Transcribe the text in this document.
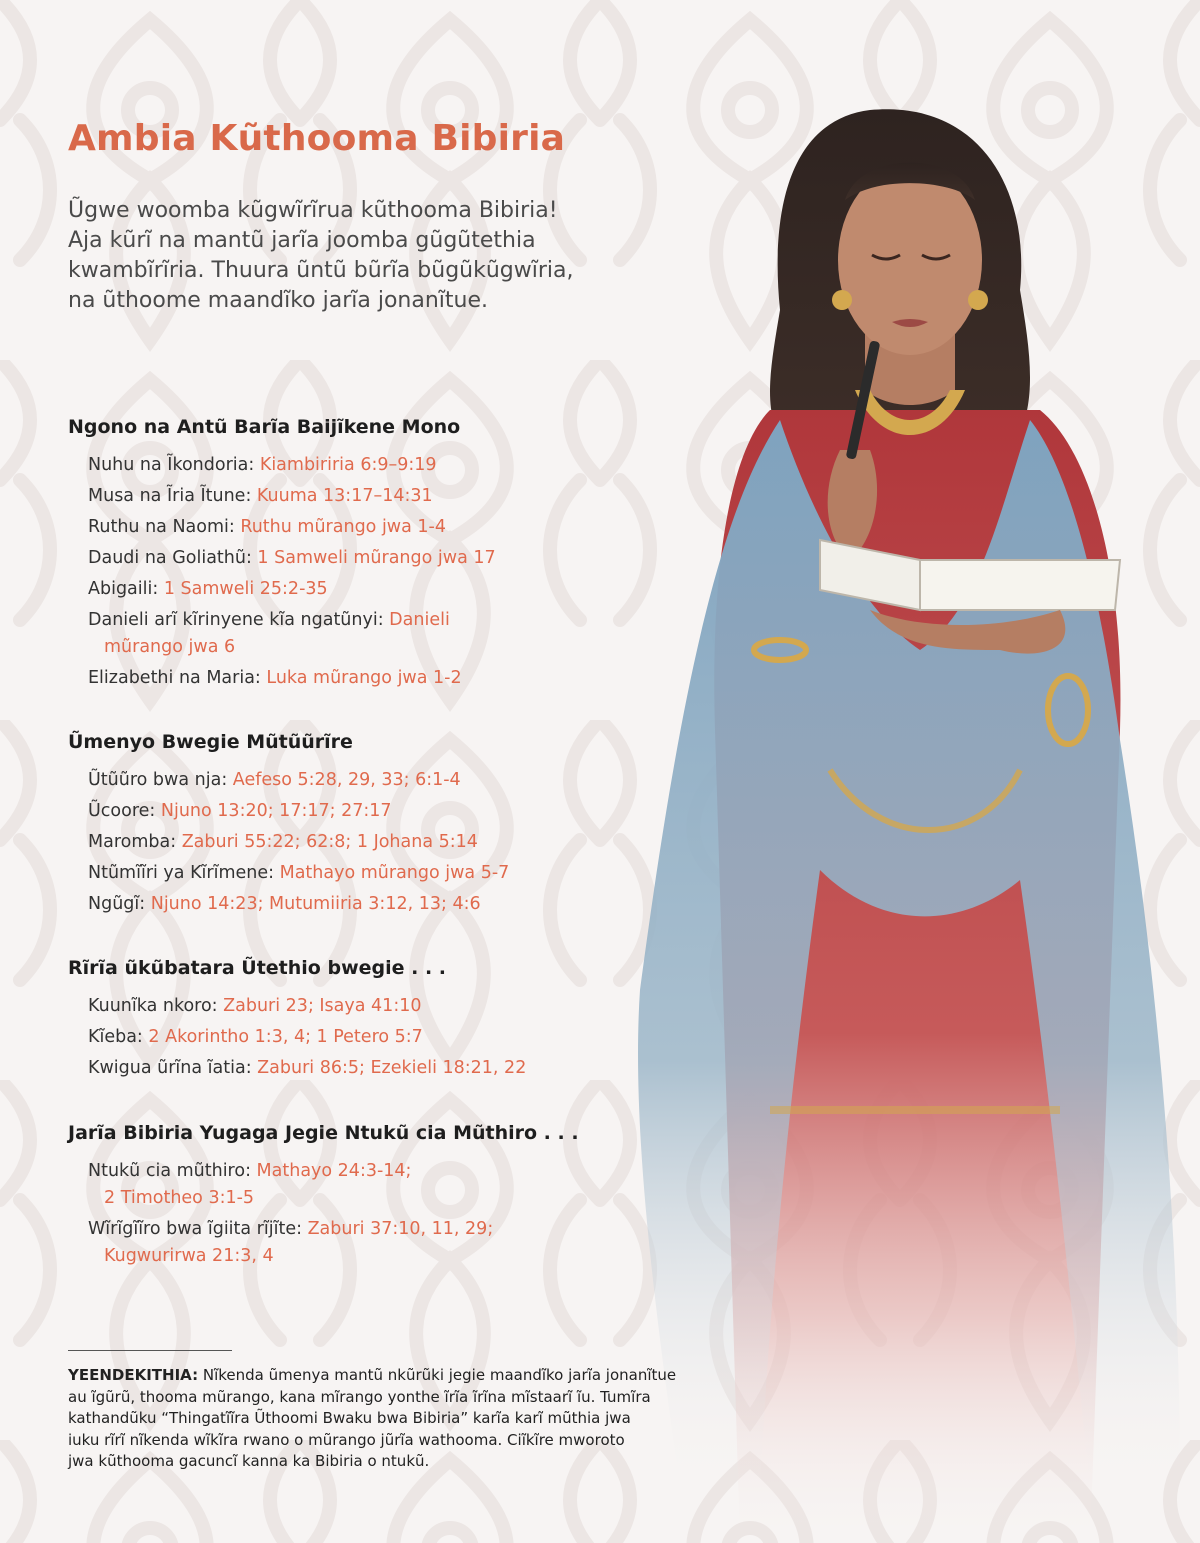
Ambia Kũthooma Bibiria

Ũgwe woomba kũgwĩrĩrua kũthooma Bibiria!
Aja kũrĩ na mantũ jarĩa joomba gũgũtethia
kwambĩrĩria. Thuura ũntũ bũrĩa bũgũkũgwĩria,
na ũthoome maandĩko jarĩa jonanĩtue.

Ngono na Antũ Barĩa Baijĩkene Mono
Nuhu na Ĩkondoria: Kiambiriria 6:9–9:19
Musa na Ĩria Ĩtune: Kuuma 13:17–14:31
Ruthu na Naomi: Ruthu mũrango jwa 1-4
Daudi na Goliathũ: 1 Samweli mũrango jwa 17
Abigaili: 1 Samweli 25:2-35
Danieli arĩ kĩrinyene kĩa ngatũnyi: Danieli
mũrango jwa 6
Elizabethi na Maria: Luka mũrango jwa 1-2
Ũmenyo Bwegie Mũtũũrĩre
Ũtũũro bwa nja: Aefeso 5:28, 29, 33; 6:1-4
Ũcoore: Njuno 13:20; 17:17; 27:17
Maromba: Zaburi 55:22; 62:8; 1 Johana 5:14
Ntũmĩĩri ya Kĩrĩmene: Mathayo mũrango jwa 5-7
Ngũgĩ: Njuno 14:23; Mutumiiria 3:12, 13; 4:6
Rĩrĩa ũkũbatara Ũtethio bwegie . . .
Kuunĩka nkoro: Zaburi 23; Isaya 41:10
Kĩeba: 2 Akorintho 1:3, 4; 1 Petero 5:7
Kwigua ũrĩna ĩatia: Zaburi 86:5; Ezekieli 18:21, 22
Jarĩa Bibiria Yugaga Jegie Ntukũ cia Mũthiro . . .
Ntukũ cia mũthiro: Mathayo 24:3-14;
2 Timotheo 3:1-5
Wĩrĩgĩĩro bwa ĩgiita rĩjĩte: Zaburi 37:10, 11, 29;
Kugwurirwa 21:3, 4

YEENDEKITHIA: Nĩkenda ũmenya mantũ nkũrũki jegie maandĩko jarĩa jonanĩtue
au ĩgũrũ, thooma mũrango, kana mĩrango yonthe ĩrĩa ĩrĩna mĩstaarĩ ĩu. Tumĩra
kathandũku “Thingatĩĩra Ũthoomi Bwaku bwa Bibiria” karĩa karĩ mũthia jwa
iuku rĩrĩ nĩkenda wĩkĩra rwano o mũrango jũrĩa wathooma. Ciĩkĩre mworoto
jwa kũthooma gacuncĩ kanna ka Bibiria o ntukũ.
